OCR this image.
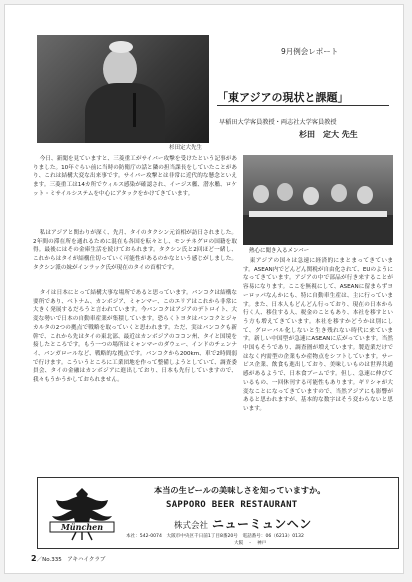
杉田定大先生
9月例会レポート
「東アジアの現状と課題」
早稲田大学客員教授・両志社大学客員教授
杉田　定大 先生
熱心に聞き入るメンバー

今日、新聞を見ていますと、三菱重工がサイバー攻撃を受けたという記事がありました。10年ぐらい前に当時の防衛庁の話と隣の担当課長をしていたことがあり、これは結構大変な出来事です。サイバー攻撃とは非常に近代的な懸念といえます。三菱重工は14カ所でウィルス感染が確認され、イージス艦、潜水艦、ロケット・ミサイルシステムを中心にアタックをかけてきています。

私はアジアと関わりが深く、先月、タイのタクシン元首相が訪日されました。2年間の滞在所を通れるために混在も各国を転々とし、モンテネグロの国籍を取得。最後にはその金庫生活を続けておられます。タクシン氏と2回ほど一緒し、これからはタイが結構仕切っていく可能性があるのかなという感じがしました。タクシン派の妹がインラック氏が現在のタイの首相です。

タイは日本にとって結構大事な場所であると思っています。バンコクは結構な要所であり、ベトナム、カンボジア、ミャンマー、このエリアはこれから非常に大きく発展するだろうと言われています。今バンコクはアジアのデトロイト、大変な勢いで日本の自動車産業が集積しています。恐らくトヨタはバンコクとジャカルタの2つの拠点で戦略を取っていくと思われます。ただ、実はバンコクも新幹で、これから先はタイの東北部、最近はカンボジアのココン州、タイと国境を接したところです。もう一つの場所はミャンマーのダウェー、インドのチェンナイ、バンガロールなど、戦略的な拠点です。バンコクから200km、車で2時間弱で行けます。こういうところに工業団地を作って整備しようとしていて、調査委員会、タイの金融はカンボジアに進出しており、日本も先行していますので、我々もうかうかしておられません。

東アジアの国々は急速に経済的にまとまってきています。ASEAN内でどんどん関税が自由化されて、EUのようになってきています。アジアの中で部品が行き来することが容易になります。ここを無視にして、ASEANに留まらずヨーロッパなんかにも、特に自動車生産は、主に行っています。また、日本人もどんどん行っており、現在の日本から行く人、移住する人、税金のこともあり、本社を移すという方も増えてきています。本社を移すかどうかは別にして、グローバル化しないと生き残れない時代に来ています。新しい中国型が急速にASEANに広がっています。当然中国もそうであり、調査圏が増えています。製造業だけではなく内需型の企業もか産物点をシフトしています。サービス企業、飲食も進出しており、美味しいものは世界共通感があるようで、日本食ブームです。但し、急速に伸びているもの、一回休刊する可能性もあります。ギリシャが大変なことになってきていますので、当然アジアにも影響があると思われますが、基本的な数字はそう変わらないと思います。

München
本当の生ビールの美味しさを知っていますか。
SAPPORO BEER RESTAURANT
株式会社 ニューミュンヘン
本社：542-0074　大阪市中央区千日前1丁目8番20号　電話番号：06（6213）0132
大阪　・　神戸
2／No.335　アキハイクラブ
